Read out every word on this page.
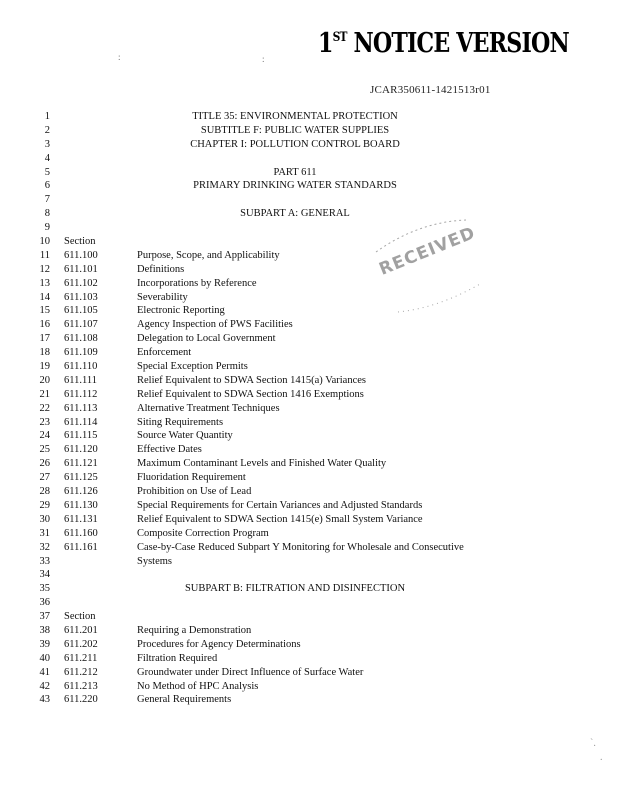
:	: 1ST NOTICE VERSION
JCAR350611-1421513r01
RECEIVED
1	TITLE 35: ENVIRONMENTAL PROTECTION
2	SUBTITLE F: PUBLIC WATER SUPPLIES
3	CHAPTER I: POLLUTION CONTROL BOARD
4
5	PART 611
6	PRIMARY DRINKING WATER STANDARDS
7
8	SUBPART A: GENERAL
9
10 Section
11 611.100	Purpose, Scope, and Applicability
12 611.101	Definitions
13 611.102	Incorporations by Reference
14 611.103	Severability
15 611.105	Electronic Reporting
16 611.107	Agency Inspection of PWS Facilities
17 611.108	Delegation to Local Government
18 611.109	Enforcement
19 611.110	Special Exception Permits
20 611.111	Relief Equivalent to SDWA Section 1415(a) Variances
21 611.112	Relief Equivalent to SDWA Section 1416 Exemptions
22 611.113	Alternative Treatment Techniques
23 611.114	Siting Requirements
24 611.115	Source Water Quantity
25 611.120	Effective Dates
26 611.121	Maximum Contaminant Levels and Finished Water Quality
27 611.125	Fluoridation Requirement
28 611.126	Prohibition on Use of Lead
29 611.130	Special Requirements for Certain Variances and Adjusted Standards
30 611.131	Relief Equivalent to SDWA Section 1415(e) Small System Variance
31 611.160	Composite Correction Program
32 611.161	Case-by-Case Reduced Subpart Y Monitoring for Wholesale and Consecutive
33	Systems
34
35	SUBPART B: FILTRATION AND DISINFECTION
36
37 Section
38 611.201	Requiring a Demonstration
39 611.202	Procedures for Agency Determinations
40 611.211	Filtration Required
41 611.212	Groundwater under Direct Influence of Surface Water
42 611.213	No Method of HPC Analysis
43 611.220	General Requirements
`.
.
